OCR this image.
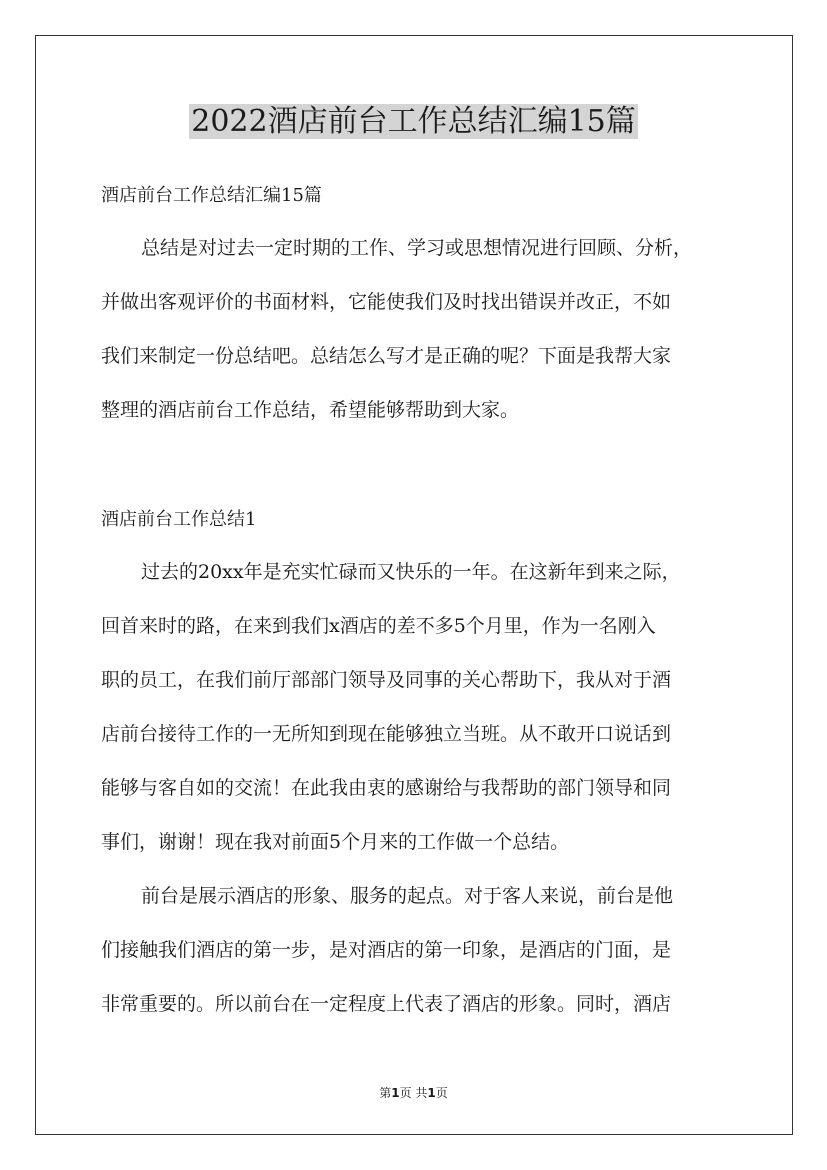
2022酒店前台工作总结汇编15篇

酒店前台工作总结汇编15篇

总结是对过去一定时期的工作、学习或思想情况进行回顾、分析，

并做出客观评价的书面材料，它能使我们及时找出错误并改正，不如

我们来制定一份总结吧。总结怎么写才是正确的呢？下面是我帮大家

整理的酒店前台工作总结，希望能够帮助到大家。

酒店前台工作总结1

过去的20xx年是充实忙碌而又快乐的一年。在这新年到来之际，

回首来时的路，在来到我们x酒店的差不多5个月里，作为一名刚入

职的员工，在我们前厅部部门领导及同事的关心帮助下，我从对于酒

店前台接待工作的一无所知到现在能够独立当班。从不敢开口说话到

能够与客自如的交流！在此我由衷的感谢给与我帮助的部门领导和同

事们，谢谢！现在我对前面5个月来的工作做一个总结。

前台是展示酒店的形象、服务的起点。对于客人来说，前台是他

们接触我们酒店的第一步，是对酒店的第一印象，是酒店的门面，是

非常重要的。所以前台在一定程度上代表了酒店的形象。同时，酒店

第1页 共1页
